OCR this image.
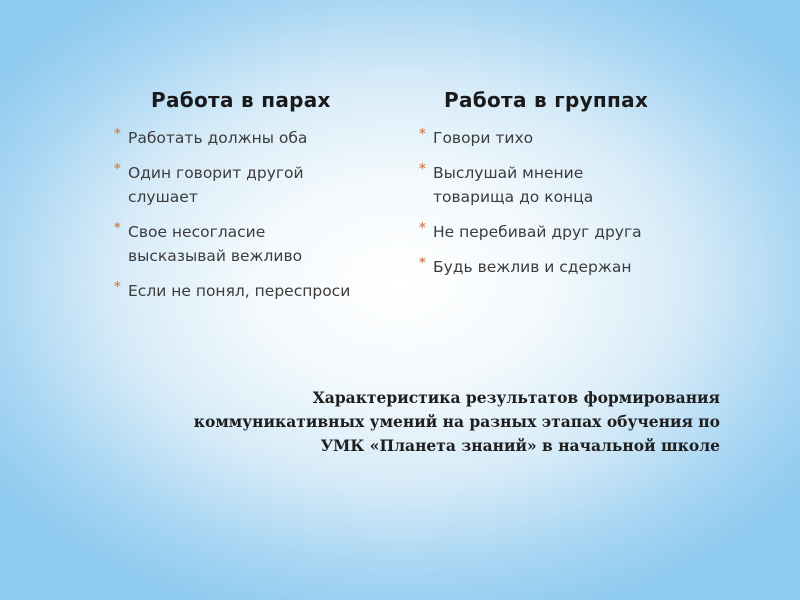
Работа в парах
* Работать должны оба
* Один говорит другой
слушает
* Свое несогласие
высказывай вежливо
* Если не понял, переспроси
Работа в группах
* Говори тихо
* Выслушай мнение
товарища до конца
* Не перебивай друг друга
* Будь вежлив и сдержан
Характеристика результатов формирования
коммуникативных умений на разных этапах обучения по
УМК «Планета знаний» в начальной школе
